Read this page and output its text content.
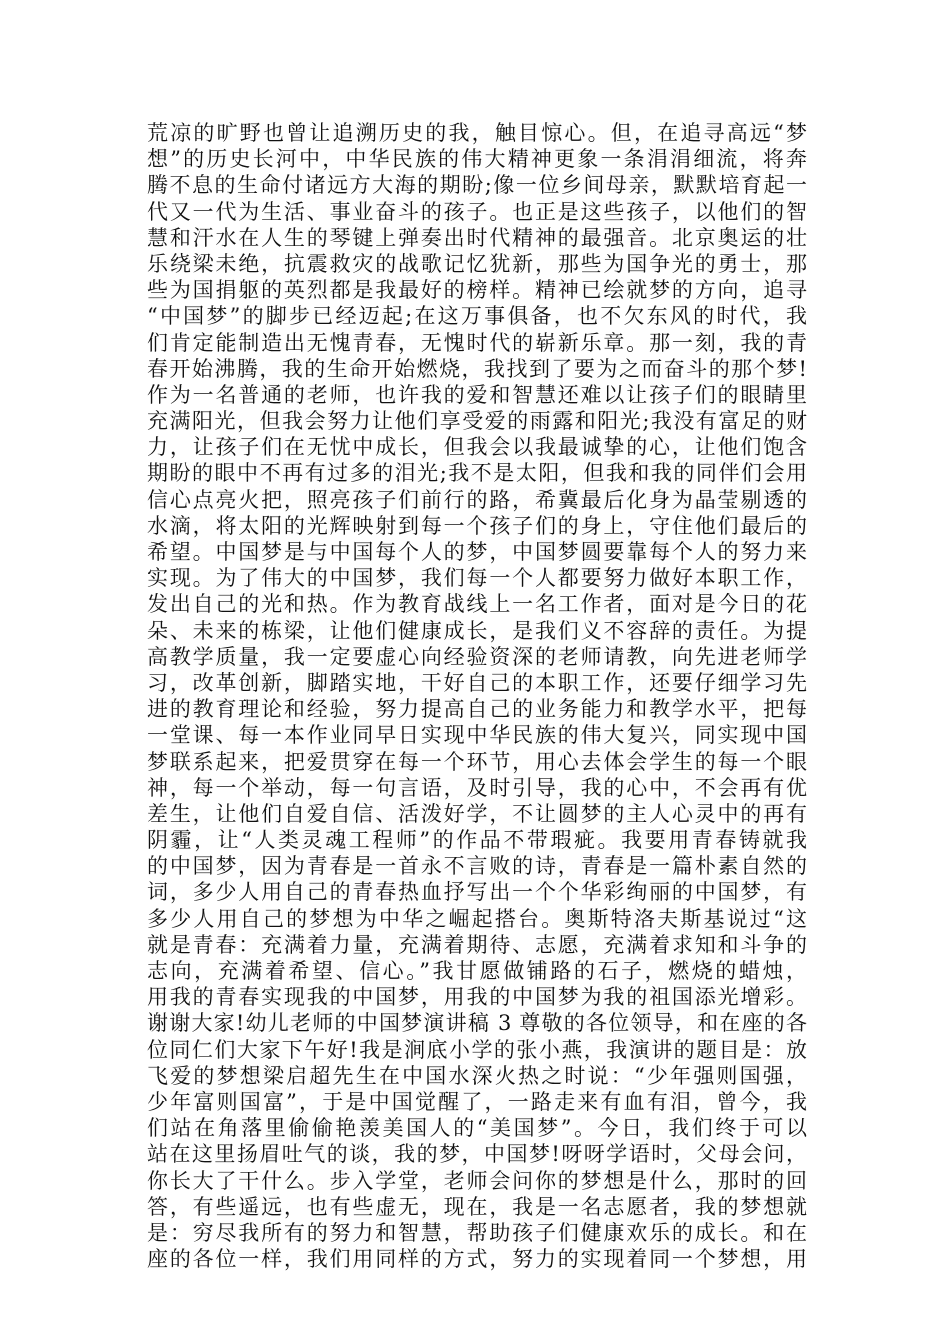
荒凉的旷野也曾让追溯历史的我，触目惊心。但，在追寻高远“梦
想”的历史长河中，中华民族的伟大精神更象一条涓涓细流，将奔
腾不息的生命付诸远方大海的期盼;像一位乡间母亲，默默培育起一
代又一代为生活、事业奋斗的孩子。也正是这些孩子，以他们的智
慧和汗水在人生的琴键上弹奏出时代精神的最强音。北京奥运的壮
乐绕梁未绝，抗震救灾的战歌记忆犹新，那些为国争光的勇士，那
些为国捐躯的英烈都是我最好的榜样。精神已绘就梦的方向，追寻
“中国梦”的脚步已经迈起;在这万事俱备，也不欠东风的时代，我
们肯定能制造出无愧青春，无愧时代的崭新乐章。那一刻，我的青
春开始沸腾，我的生命开始燃烧，我找到了要为之而奋斗的那个梦!
作为一名普通的老师，也许我的爱和智慧还难以让孩子们的眼睛里
充满阳光，但我会努力让他们享受爱的雨露和阳光;我没有富足的财
力，让孩子们在无忧中成长，但我会以我最诚挚的心，让他们饱含
期盼的眼中不再有过多的泪光;我不是太阳，但我和我的同伴们会用
信心点亮火把，照亮孩子们前行的路，希冀最后化身为晶莹剔透的
水滴，将太阳的光辉映射到每一个孩子们的身上，守住他们最后的
希望。中国梦是与中国每个人的梦，中国梦圆要靠每个人的努力来
实现。为了伟大的中国梦，我们每一个人都要努力做好本职工作，
发出自己的光和热。作为教育战线上一名工作者，面对是今日的花
朵、未来的栋梁，让他们健康成长，是我们义不容辞的责任。为提
高教学质量，我一定要虚心向经验资深的老师请教，向先进老师学
习，改革创新，脚踏实地，干好自己的本职工作，还要仔细学习先
进的教育理论和经验，努力提高自己的业务能力和教学水平，把每
一堂课、每一本作业同早日实现中华民族的伟大复兴，同实现中国
梦联系起来，把爱贯穿在每一个环节，用心去体会学生的每一个眼
神，每一个举动，每一句言语，及时引导，我的心中，不会再有优
差生，让他们自爱自信、活泼好学，不让圆梦的主人心灵中的再有
阴霾，让“人类灵魂工程师”的作品不带瑕疵。我要用青春铸就我
的中国梦，因为青春是一首永不言败的诗，青春是一篇朴素自然的
词，多少人用自己的青春热血抒写出一个个华彩绚丽的中国梦，有
多少人用自己的梦想为中华之崛起搭台。奥斯特洛夫斯基说过“这
就是青春：充满着力量，充满着期待、志愿，充满着求知和斗争的
志向，充满着希望、信心。”我甘愿做铺路的石子，燃烧的蜡烛，
用我的青春实现我的中国梦，用我的中国梦为我的祖国添光增彩。
谢谢大家!幼儿老师的中国梦演讲稿 3 尊敬的各位领导，和在座的各
位同仁们大家下午好!我是涧底小学的张小燕，我演讲的题目是：放
飞爱的梦想梁启超先生在中国水深火热之时说：“少年强则国强，
少年富则国富”，于是中国觉醒了，一路走来有血有泪，曾今，我
们站在角落里偷偷艳羡美国人的“美国梦”。今日，我们终于可以
站在这里扬眉吐气的谈，我的梦，中国梦!呀呀学语时，父母会问，
你长大了干什么。步入学堂，老师会问你的梦想是什么，那时的回
答，有些遥远，也有些虚无，现在，我是一名志愿者，我的梦想就
是：穷尽我所有的努力和智慧，帮助孩子们健康欢乐的成长。和在
座的各位一样，我们用同样的方式，努力的实现着同一个梦想，用
